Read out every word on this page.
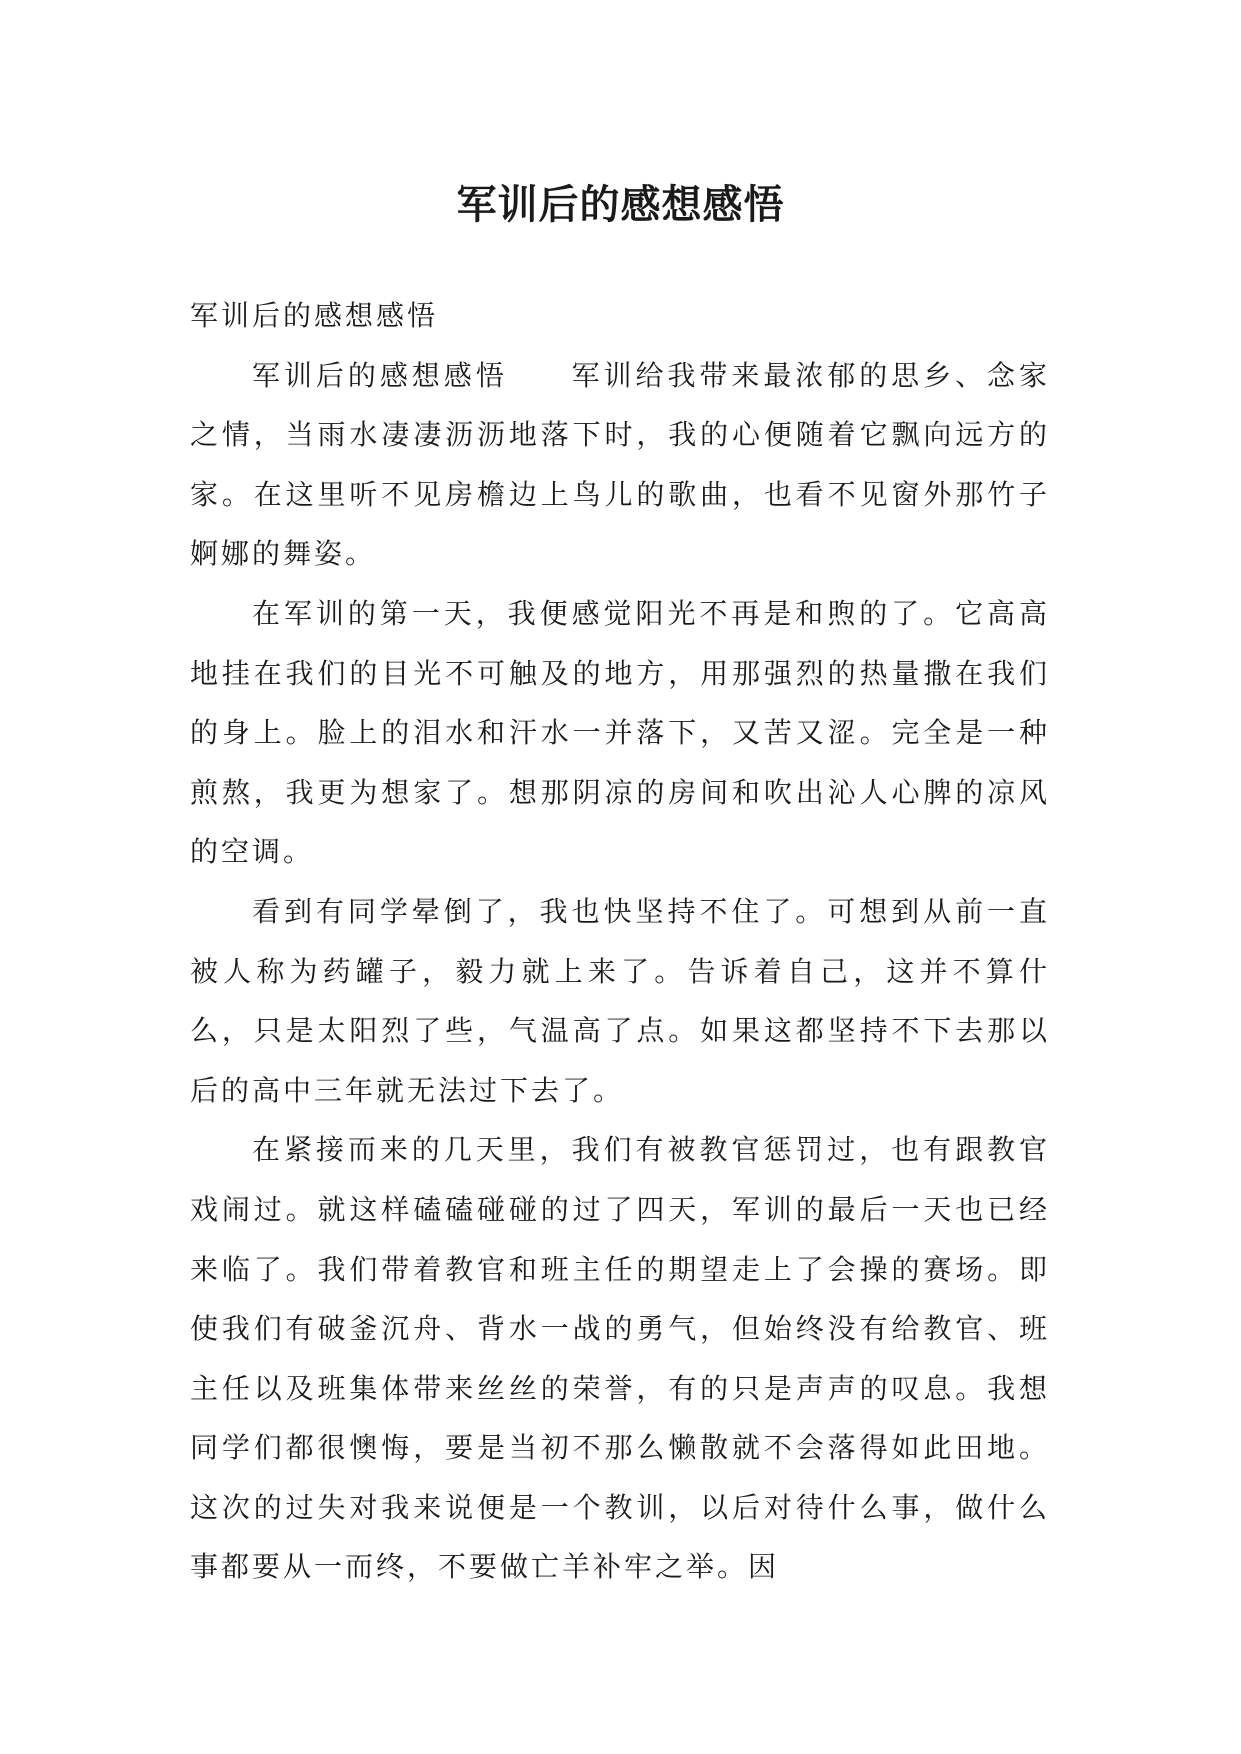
军训后的感想感悟

军训后的感想感悟

军训后的感想感悟　　军训给我带来最浓郁的思乡、念家之情，当雨水凄凄沥沥地落下时，我的心便随着它飘向远方的家。在这里听不见房檐边上鸟儿的歌曲，也看不见窗外那竹子婀娜的舞姿。

在军训的第一天，我便感觉阳光不再是和煦的了。它高高地挂在我们的目光不可触及的地方，用那强烈的热量撒在我们的身上。脸上的泪水和汗水一并落下，又苦又涩。完全是一种煎熬，我更为想家了。想那阴凉的房间和吹出沁人心脾的凉风的空调。

看到有同学晕倒了，我也快坚持不住了。可想到从前一直被人称为药罐子，毅力就上来了。告诉着自己，这并不算什么，只是太阳烈了些，气温高了点。如果这都坚持不下去那以后的高中三年就无法过下去了。

在紧接而来的几天里，我们有被教官惩罚过，也有跟教官戏闹过。就这样磕磕碰碰的过了四天，军训的最后一天也已经来临了。我们带着教官和班主任的期望走上了会操的赛场。即使我们有破釜沉舟、背水一战的勇气，但始终没有给教官、班主任以及班集体带来丝丝的荣誉，有的只是声声的叹息。我想同学们都很懊悔，要是当初不那么懒散就不会落得如此田地。这次的过失对我来说便是一个教训，以后对待什么事，做什么事都要从一而终，不要做亡羊补牢之举。因
